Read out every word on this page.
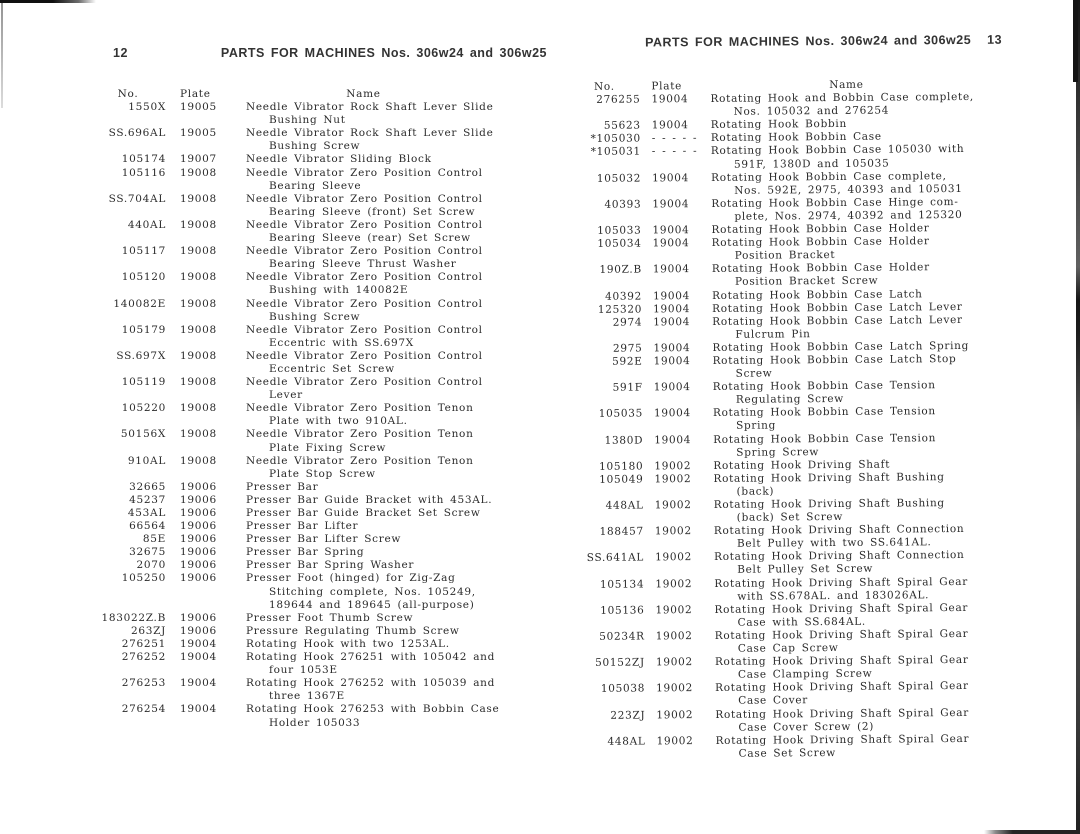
12	PARTS FOR MACHINES Nos. 306w24 and 306w25
No.	Plate	Name
1550X 19005	Needle Vibrator Rock Shaft Lever Slide
Bushing Nut
SS.696AL 19005	Needle Vibrator Rock Shaft Lever Slide
Bushing Screw
105174 19007	Needle Vibrator Sliding Block
105116 19008	Needle Vibrator Zero Position Control
Bearing Sleeve
SS.704AL 19008	Needle Vibrator Zero Position Control
Bearing Sleeve (front) Set Screw
440AL 19008	Needle Vibrator Zero Position Control
Bearing Sleeve (rear) Set Screw
105117 19008	Needle Vibrator Zero Position Control
Bearing Sleeve Thrust Washer
105120 19008	Needle Vibrator Zero Position Control
Bushing with 140082E
140082E 19008	Needle Vibrator Zero Position Control
Bushing Screw
105179 19008	Needle Vibrator Zero Position Control
Eccentric with SS.697X
SS.697X 19008	Needle Vibrator Zero Position Control
Eccentric Set Screw
105119 19008	Needle Vibrator Zero Position Control
Lever
105220 19008	Needle Vibrator Zero Position Tenon
Plate with two 910AL.
50156X 19008	Needle Vibrator Zero Position Tenon
Plate Fixing Screw
910AL 19008	Needle Vibrator Zero Position Tenon
Plate Stop Screw
32665 19006	Presser Bar
45237 19006	Presser Bar Guide Bracket with 453AL.
453AL 19006	Presser Bar Guide Bracket Set Screw
66564 19006	Presser Bar Lifter
85E 19006	Presser Bar Lifter Screw
32675 19006	Presser Bar Spring
2070 19006	Presser Bar Spring Washer
105250 19006	Presser Foot (hinged) for Zig-Zag
Stitching complete, Nos. 105249,
189644 and 189645 (all-purpose)
183022Z.B 19006	Presser Foot Thumb Screw
263ZJ 19006	Pressure Regulating Thumb Screw
276251 19004	Rotating Hook with two 1253AL.
276252 19004	Rotating Hook 276251 with 105042 and
four 1053E
276253 19004	Rotating Hook 276252 with 105039 and
three 1367E
276254 19004	Rotating Hook 276253 with Bobbin Case
Holder 105033
PARTS FOR MACHINES Nos. 306w24 and 306w25 13
No.	Plate	Name
276255 19004	Rotating Hook and Bobbin Case complete,
Nos. 105032 and 276254
55623 19004	Rotating Hook Bobbin
*105030 - - - - - Rotating Hook Bobbin Case
*105031 - - - - - Rotating Hook Bobbin Case 105030 with
591F, 1380D and 105035
105032 19004	Rotating Hook Bobbin Case complete,
Nos. 592E, 2975, 40393 and 105031
40393 19004	Rotating Hook Bobbin Case Hinge com-
plete, Nos. 2974, 40392 and 125320
105033 19004	Rotating Hook Bobbin Case Holder
105034 19004	Rotating Hook Bobbin Case Holder
Position Bracket
190Z.B 19004	Rotating Hook Bobbin Case Holder
Position Bracket Screw
40392 19004	Rotating Hook Bobbin Case Latch
125320 19004	Rotating Hook Bobbin Case Latch Lever
2974 19004	Rotating Hook Bobbin Case Latch Lever
Fulcrum Pin
2975 19004	Rotating Hook Bobbin Case Latch Spring
592E 19004	Rotating Hook Bobbin Case Latch Stop
Screw
591F 19004	Rotating Hook Bobbin Case Tension
Regulating Screw
105035 19004	Rotating Hook Bobbin Case Tension
Spring
1380D 19004	Rotating Hook Bobbin Case Tension
Spring Screw
105180 19002	Rotating Hook Driving Shaft
105049 19002	Rotating Hook Driving Shaft Bushing
(back)
448AL 19002	Rotating Hook Driving Shaft Bushing
(back) Set Screw
188457 19002	Rotating Hook Driving Shaft Connection
Belt Pulley with two SS.641AL.
SS.641AL 19002	Rotating Hook Driving Shaft Connection
Belt Pulley Set Screw
105134 19002	Rotating Hook Driving Shaft Spiral Gear
with SS.678AL. and 183026AL.
105136 19002	Rotating Hook Driving Shaft Spiral Gear
Case with SS.684AL.
50234R 19002	Rotating Hook Driving Shaft Spiral Gear
Case Cap Screw
50152ZJ 19002	Rotating Hook Driving Shaft Spiral Gear
Case Clamping Screw
105038 19002	Rotating Hook Driving Shaft Spiral Gear
Case Cover
223ZJ 19002	Rotating Hook Driving Shaft Spiral Gear
Case Cover Screw (2)
448AL 19002	Rotating Hook Driving Shaft Spiral Gear
Case Set Screw
